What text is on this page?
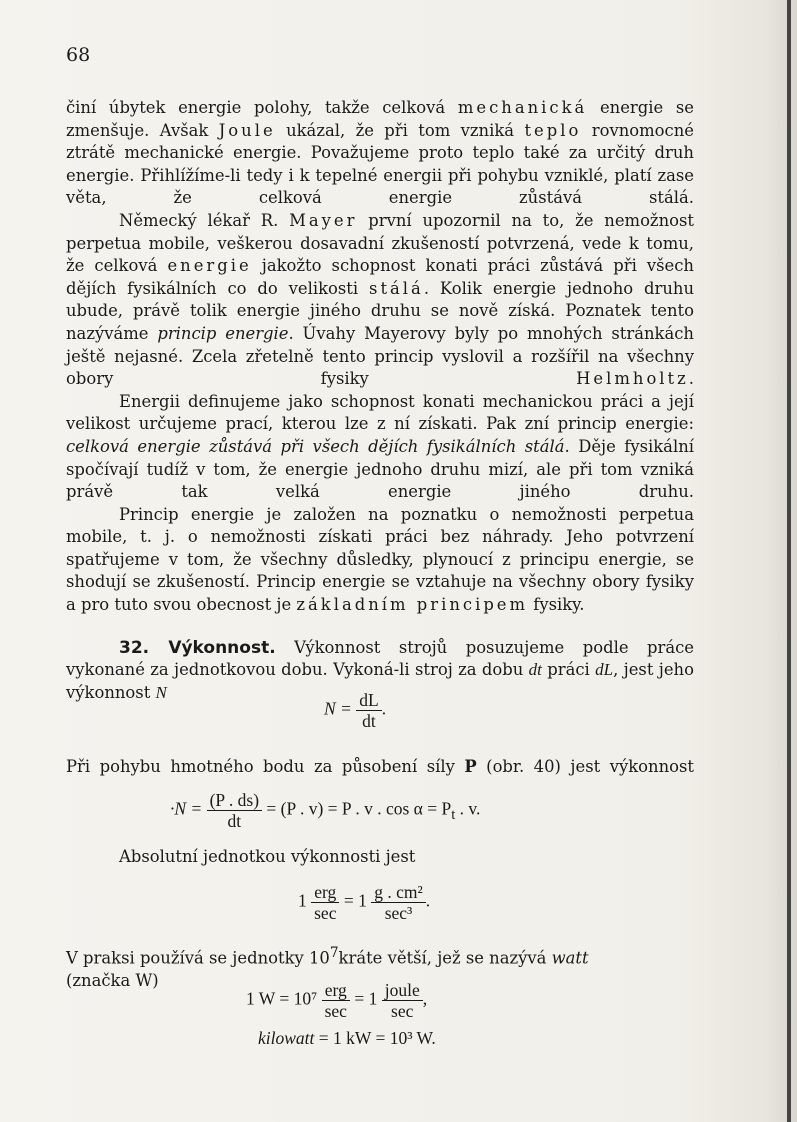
68

činí úbytek energie polohy, takže celková mechanická energie se zmenšuje. Avšak Joule ukázal, že při tom vzniká teplo rovnomocné ztrátě mechanické energie. Považujeme proto teplo také za určitý druh energie. Přihlížíme-li tedy i k tepelné energii při pohybu vzniklé, platí zase věta, že celková energie zůstává stálá.

Německý lékař R. Mayer první upozornil na to, že nemožnost perpetua mobile, veškerou dosavadní zkušeností potvrzená, vede k tomu, že celková energie jakožto schopnost konati práci zůstává při všech dějích fysikálních co do velikosti stálá. Kolik energie jednoho druhu ubude, právě tolik energie jiného druhu se nově získá. Poznatek tento nazýváme princip energie. Úvahy Mayerovy byly po mnohých stránkách ještě nejasné. Zcela zřetelně tento princip vyslovil a rozšířil na všechny obory fysiky Helmholtz.

Energii definujeme jako schopnost konati mechanickou práci a její velikost určujeme prací, kterou lze z ní získati. Pak zní princip energie: celková energie zůstává při všech dějích fysikálních stálá. Děje fysikální spočívají tudíž v tom, že energie jednoho druhu mizí, ale při tom vzniká právě tak velká energie jiného druhu.

Princip energie je založen na poznatku o nemožnosti perpetua mobile, t. j. o nemožnosti získati práci bez náhrady. Jeho potvrzení spatřujeme v tom, že všechny důsledky, plynoucí z principu energie, se shodují se zkušeností. Princip energie se vztahuje na všechny obory fysiky a pro tuto svou obecnost je základním principem fysiky.

32. Výkonnost. Výkonnost strojů posuzujeme podle práce vykonané za jednotkovou dobu. Vykoná-li stroj za dobu dt práci dL, jest jeho výkonnost N

$N = \frac{dL}{dt}$ .

Při pohybu hmotného bodu za působení síly P (obr. 40) jest výkonnost

$\cdot N = \frac{(P . ds)}{dt} = (P$ . v) = P . v . $\cos \alpha = P_t$ . v.

Absolutní jednotkou výkonnosti jest

$1 \frac{\text{erg}}{\sec} = 1 \frac{\text{g . cm²}}{\text{sec³}}$ .

V praksi používá se jednotky $10^7kráte$ větší, jež se nazývá watt
(značka W)

1 $W = 10^7 \frac{\text{erg}}{\sec} = 1 \frac{\text{joule}}{\sec}$ ,
kilowatt = 1 kW = 10³ W.
